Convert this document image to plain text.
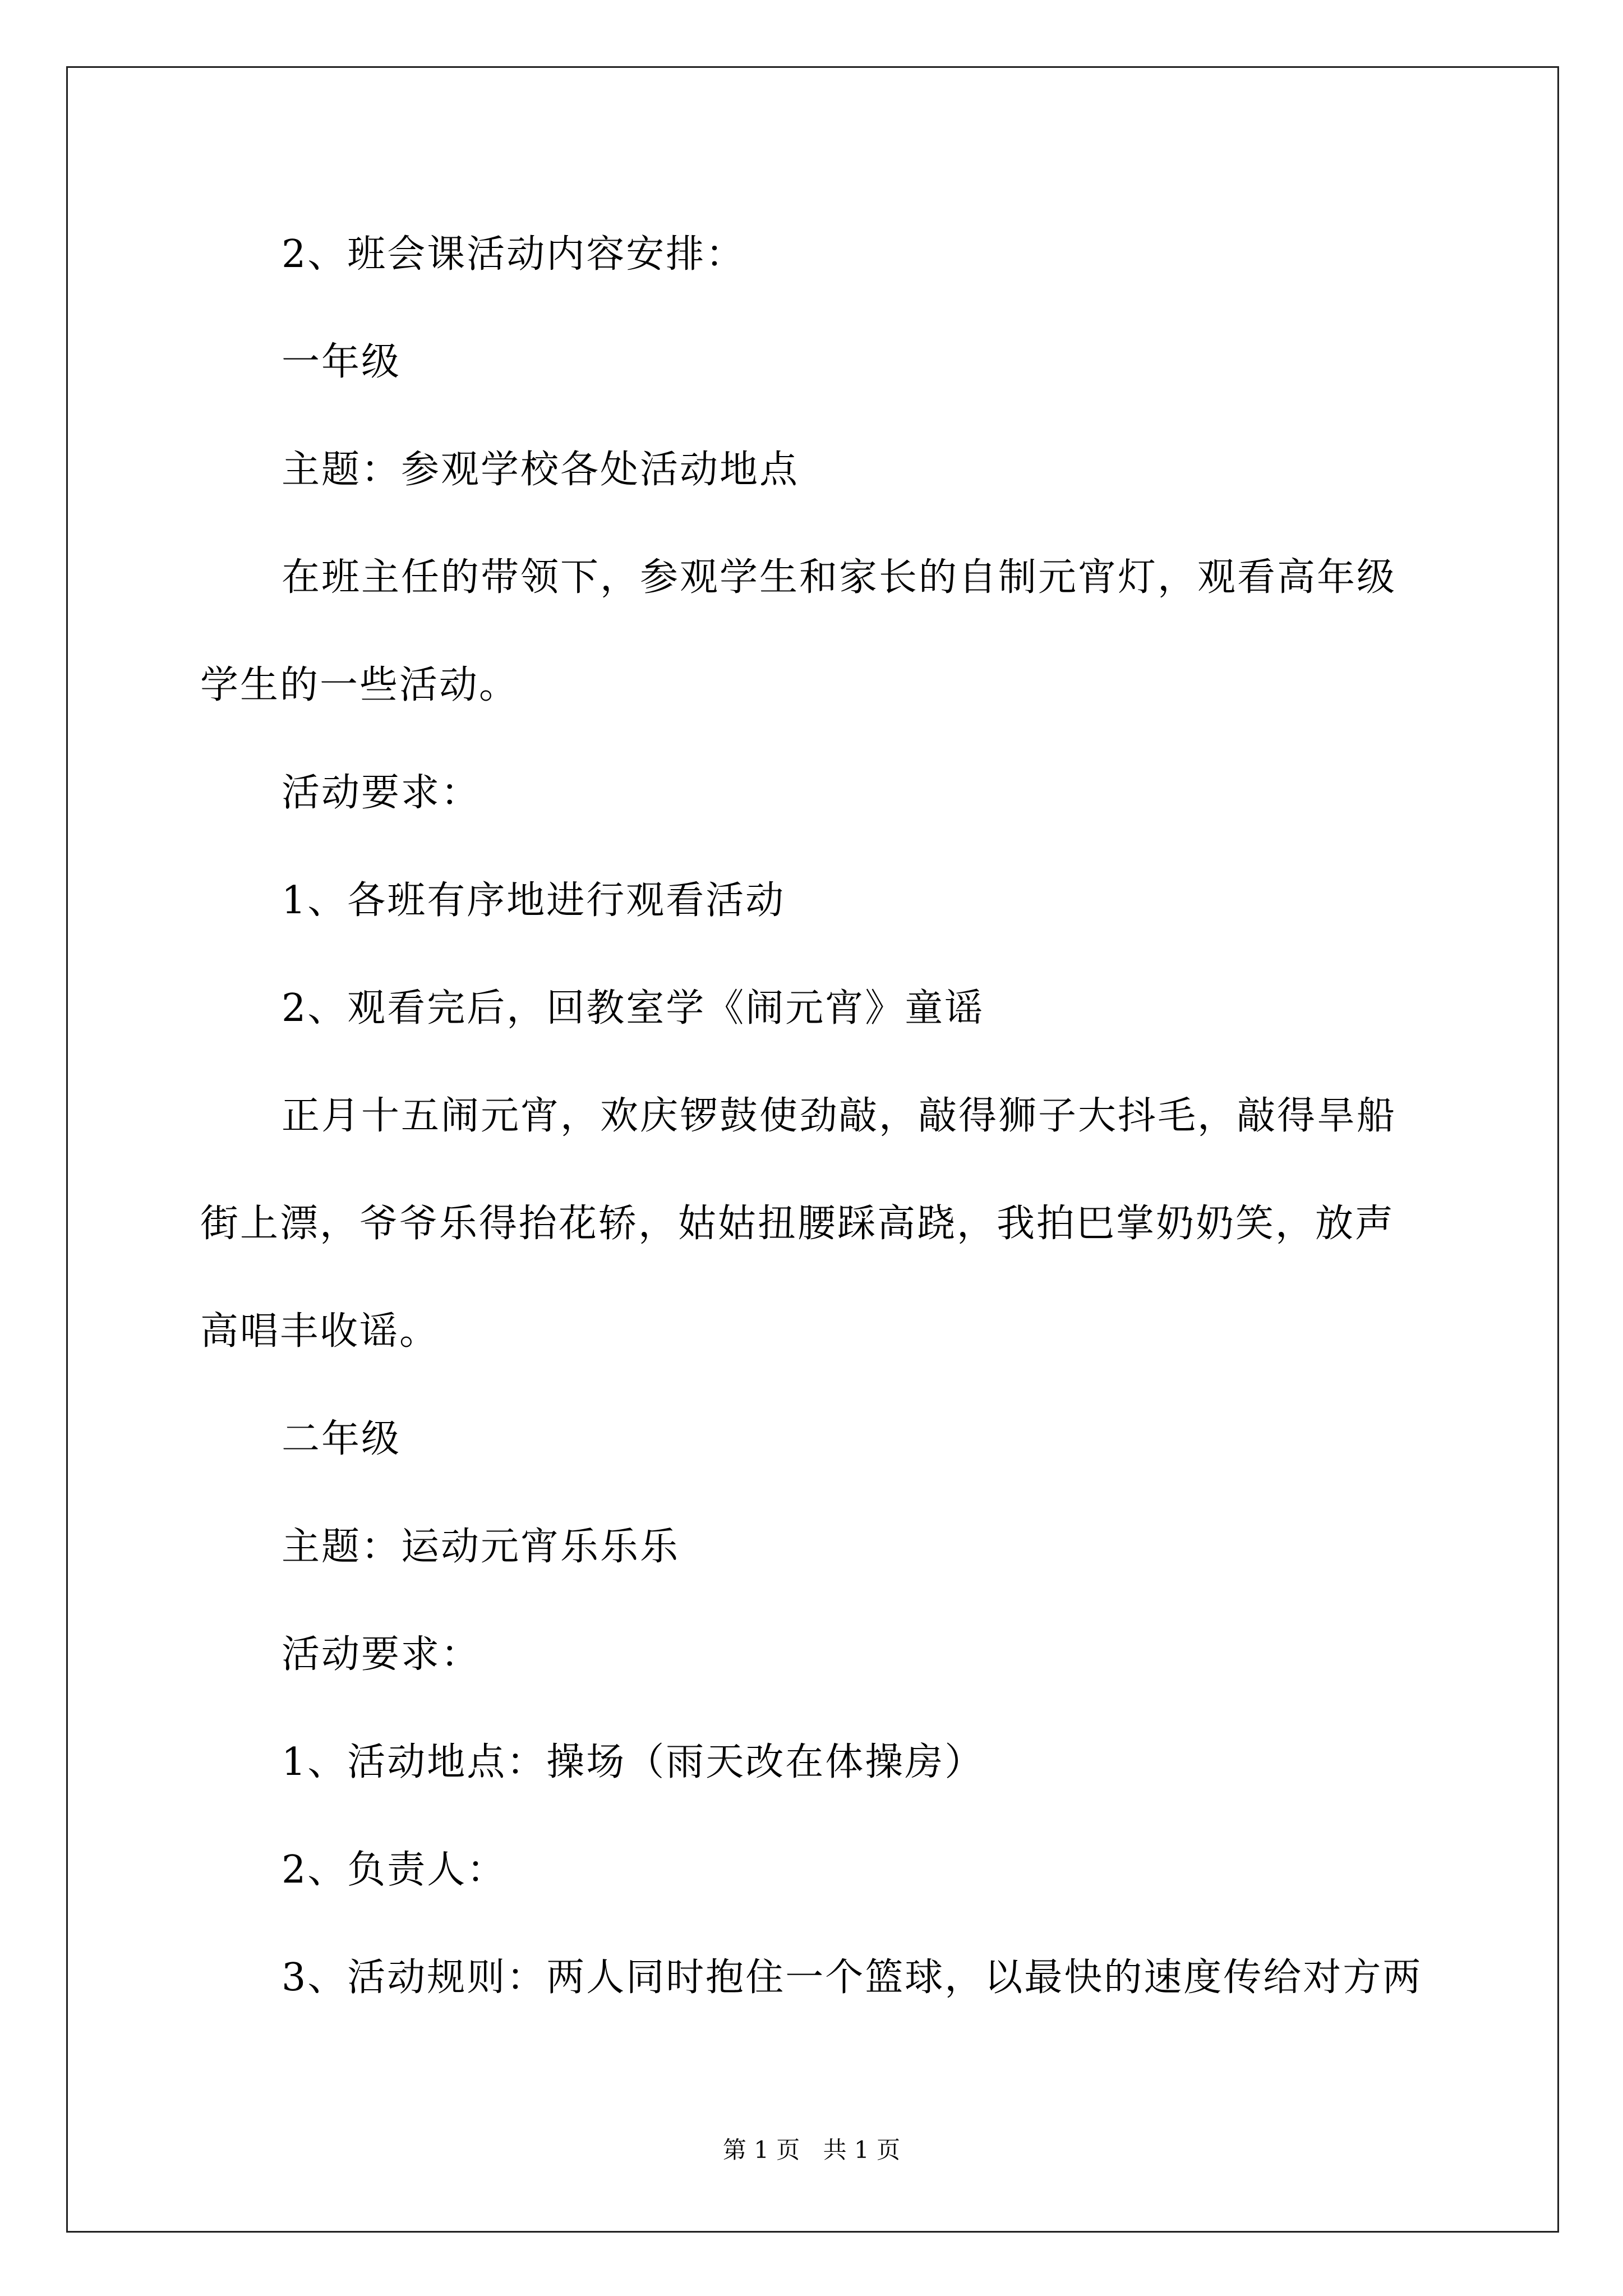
2、班会课活动内容安排：
一年级
主题：参观学校各处活动地点
在班主任的带领下，参观学生和家长的自制元宵灯，观看高年级
学生的一些活动。
活动要求：
1、各班有序地进行观看活动
2、观看完后，回教室学《闹元宵》童谣
正月十五闹元宵，欢庆锣鼓使劲敲，敲得狮子大抖毛，敲得旱船
街上漂，爷爷乐得抬花轿，姑姑扭腰踩高跷，我拍巴掌奶奶笑，放声
高唱丰收谣。
二年级
主题：运动元宵乐乐乐
活动要求：
1、活动地点：操场（雨天改在体操房）
2、负责人：
3、活动规则：两人同时抱住一个篮球，以最快的速度传给对方两
第 1 页 共 1 页
